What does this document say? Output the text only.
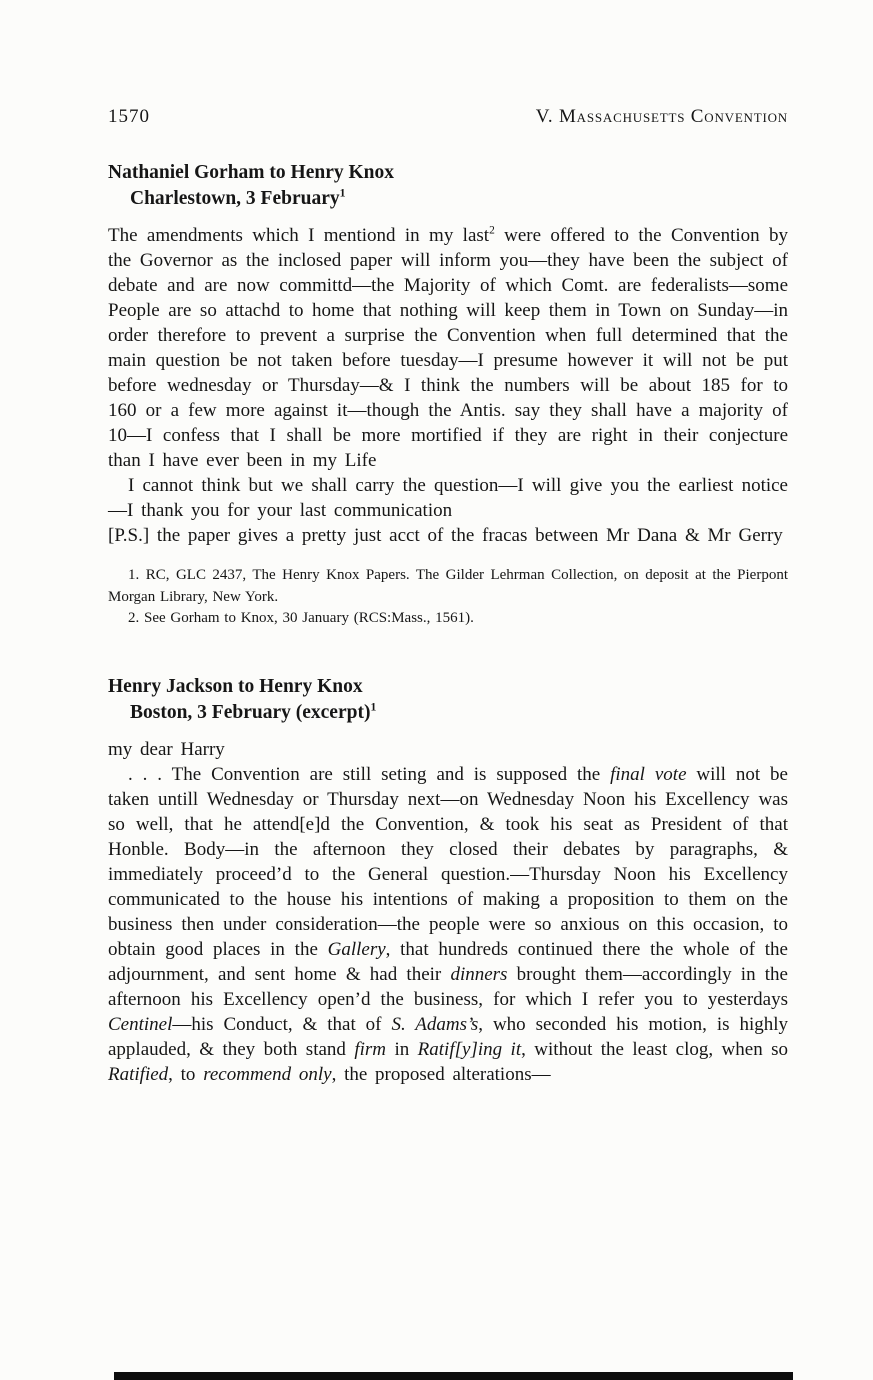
1570	V. Massachusetts Convention
Nathaniel Gorham to Henry Knox
Charlestown, 3 February$^1$

The amendments which I mentiond in my last$^2$ were offered to the Convention by the Governor as the inclosed paper will inform you—they have been the subject of debate and are now committd—the Majority of which Comt. are federalists—some People are so attachd to home that nothing will keep them in Town on Sunday—in order therefore to prevent a surprise the Convention when full determined that the main question be not taken before tuesday—I presume however it will not be put before wednesday or Thursday—& I think the numbers will be about 185 for to 160 or a few more against it—though the Antis. say they shall have a majority of 10—I confess that I shall be more mortified if they are right in their conjecture than I have ever been in my Life

I cannot think but we shall carry the question—I will give you the earliest notice—I thank you for your last communication

[P.S.] the paper gives a pretty just acct of the fracas between Mr Dana & Mr Gerry

1. RC, GLC 2437, The Henry Knox Papers. The Gilder Lehrman Collection, on deposit at the Pierpont Morgan Library, New York.

2. See Gorham to Knox, 30 January (RCS:Mass., 1561).

Henry Jackson to Henry Knox
Boston, 3 February (excerpt)$^1$

my dear Harry

. . . The Convention are still seting and is supposed the final vote will not be taken untill Wednesday or Thursday next—on Wednesday Noon his Excellency was so well, that he attend[e]d the Convention, & took his seat as President of that Honble. Body—in the afternoon they closed their debates by paragraphs, & immediately proceed’d to the General question.—Thursday Noon his Excellency communicated to the house his intentions of making a proposition to them on the business then under consideration—the people were so anxious on this occasion, to obtain good places in the Gallery, that hundreds continued there the whole of the adjournment, and sent home & had their dinners brought them—accordingly in the afternoon his Excellency open’d the business, for which I refer you to yesterdays Centinel—his Conduct, & that of S. Adams’s, who seconded his motion, is highly applauded, & they both stand firm in Ratif[y]ing it, without the least clog, when so Ratified, to recommend only, the proposed alterations—
